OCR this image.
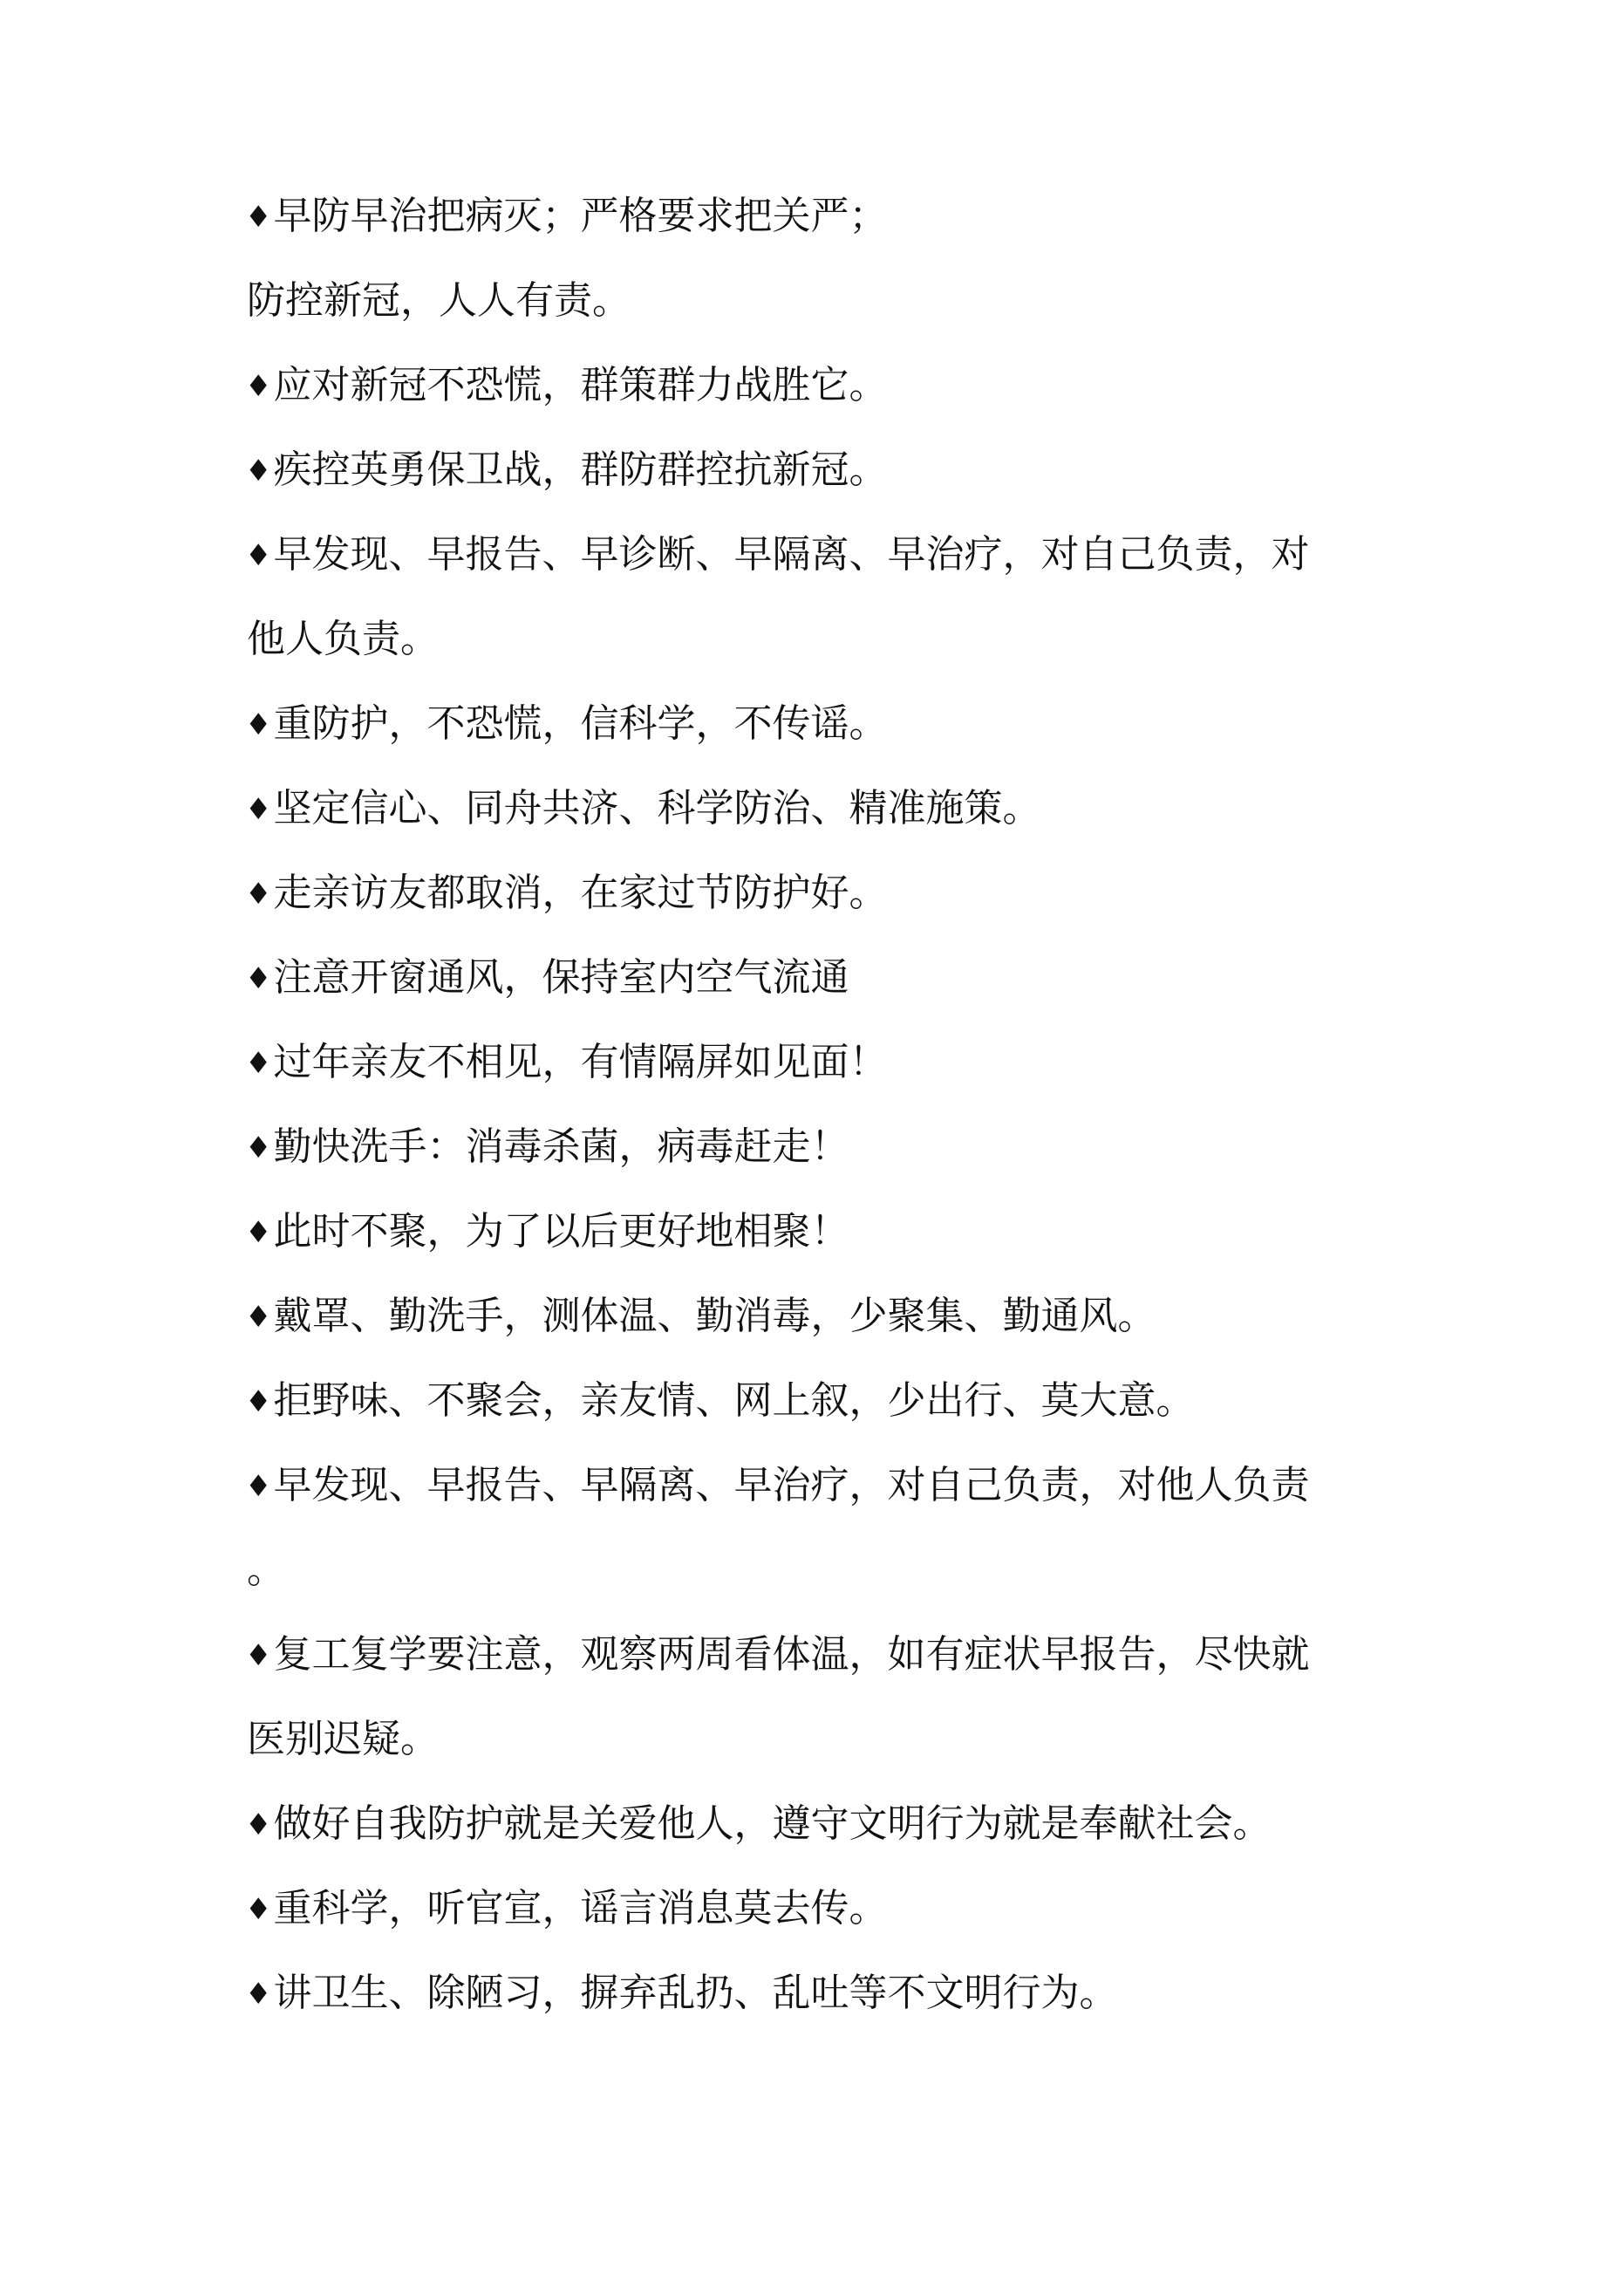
♦早防早治把病灭；严格要求把关严；
防控新冠，人人有责。
♦应对新冠不恐慌，群策群力战胜它。
♦疾控英勇保卫战，群防群控抗新冠。
♦早发现、早报告、早诊断、早隔离、早治疗，对自己负责，对
他人负责。
♦重防护，不恐慌，信科学，不传谣。
♦坚定信心、同舟共济、科学防治、精准施策。
♦走亲访友都取消，在家过节防护好。
♦注意开窗通风，保持室内空气流通
♦过年亲友不相见，有情隔屏如见面！
♦勤快洗手：消毒杀菌，病毒赶走！
♦此时不聚，为了以后更好地相聚！
♦戴罩、勤洗手，测体温、勤消毒，少聚集、勤通风。
♦拒野味、不聚会，亲友情、网上叙，少出行、莫大意。
♦早发现、早报告、早隔离、早治疗，对自己负责，对他人负责
。
♦复工复学要注意，观察两周看体温，如有症状早报告，尽快就
医别迟疑。
♦做好自我防护就是关爱他人，遵守文明行为就是奉献社会。
♦重科学，听官宣，谣言消息莫去传。
♦讲卫生、除陋习，摒弃乱扔、乱吐等不文明行为。
